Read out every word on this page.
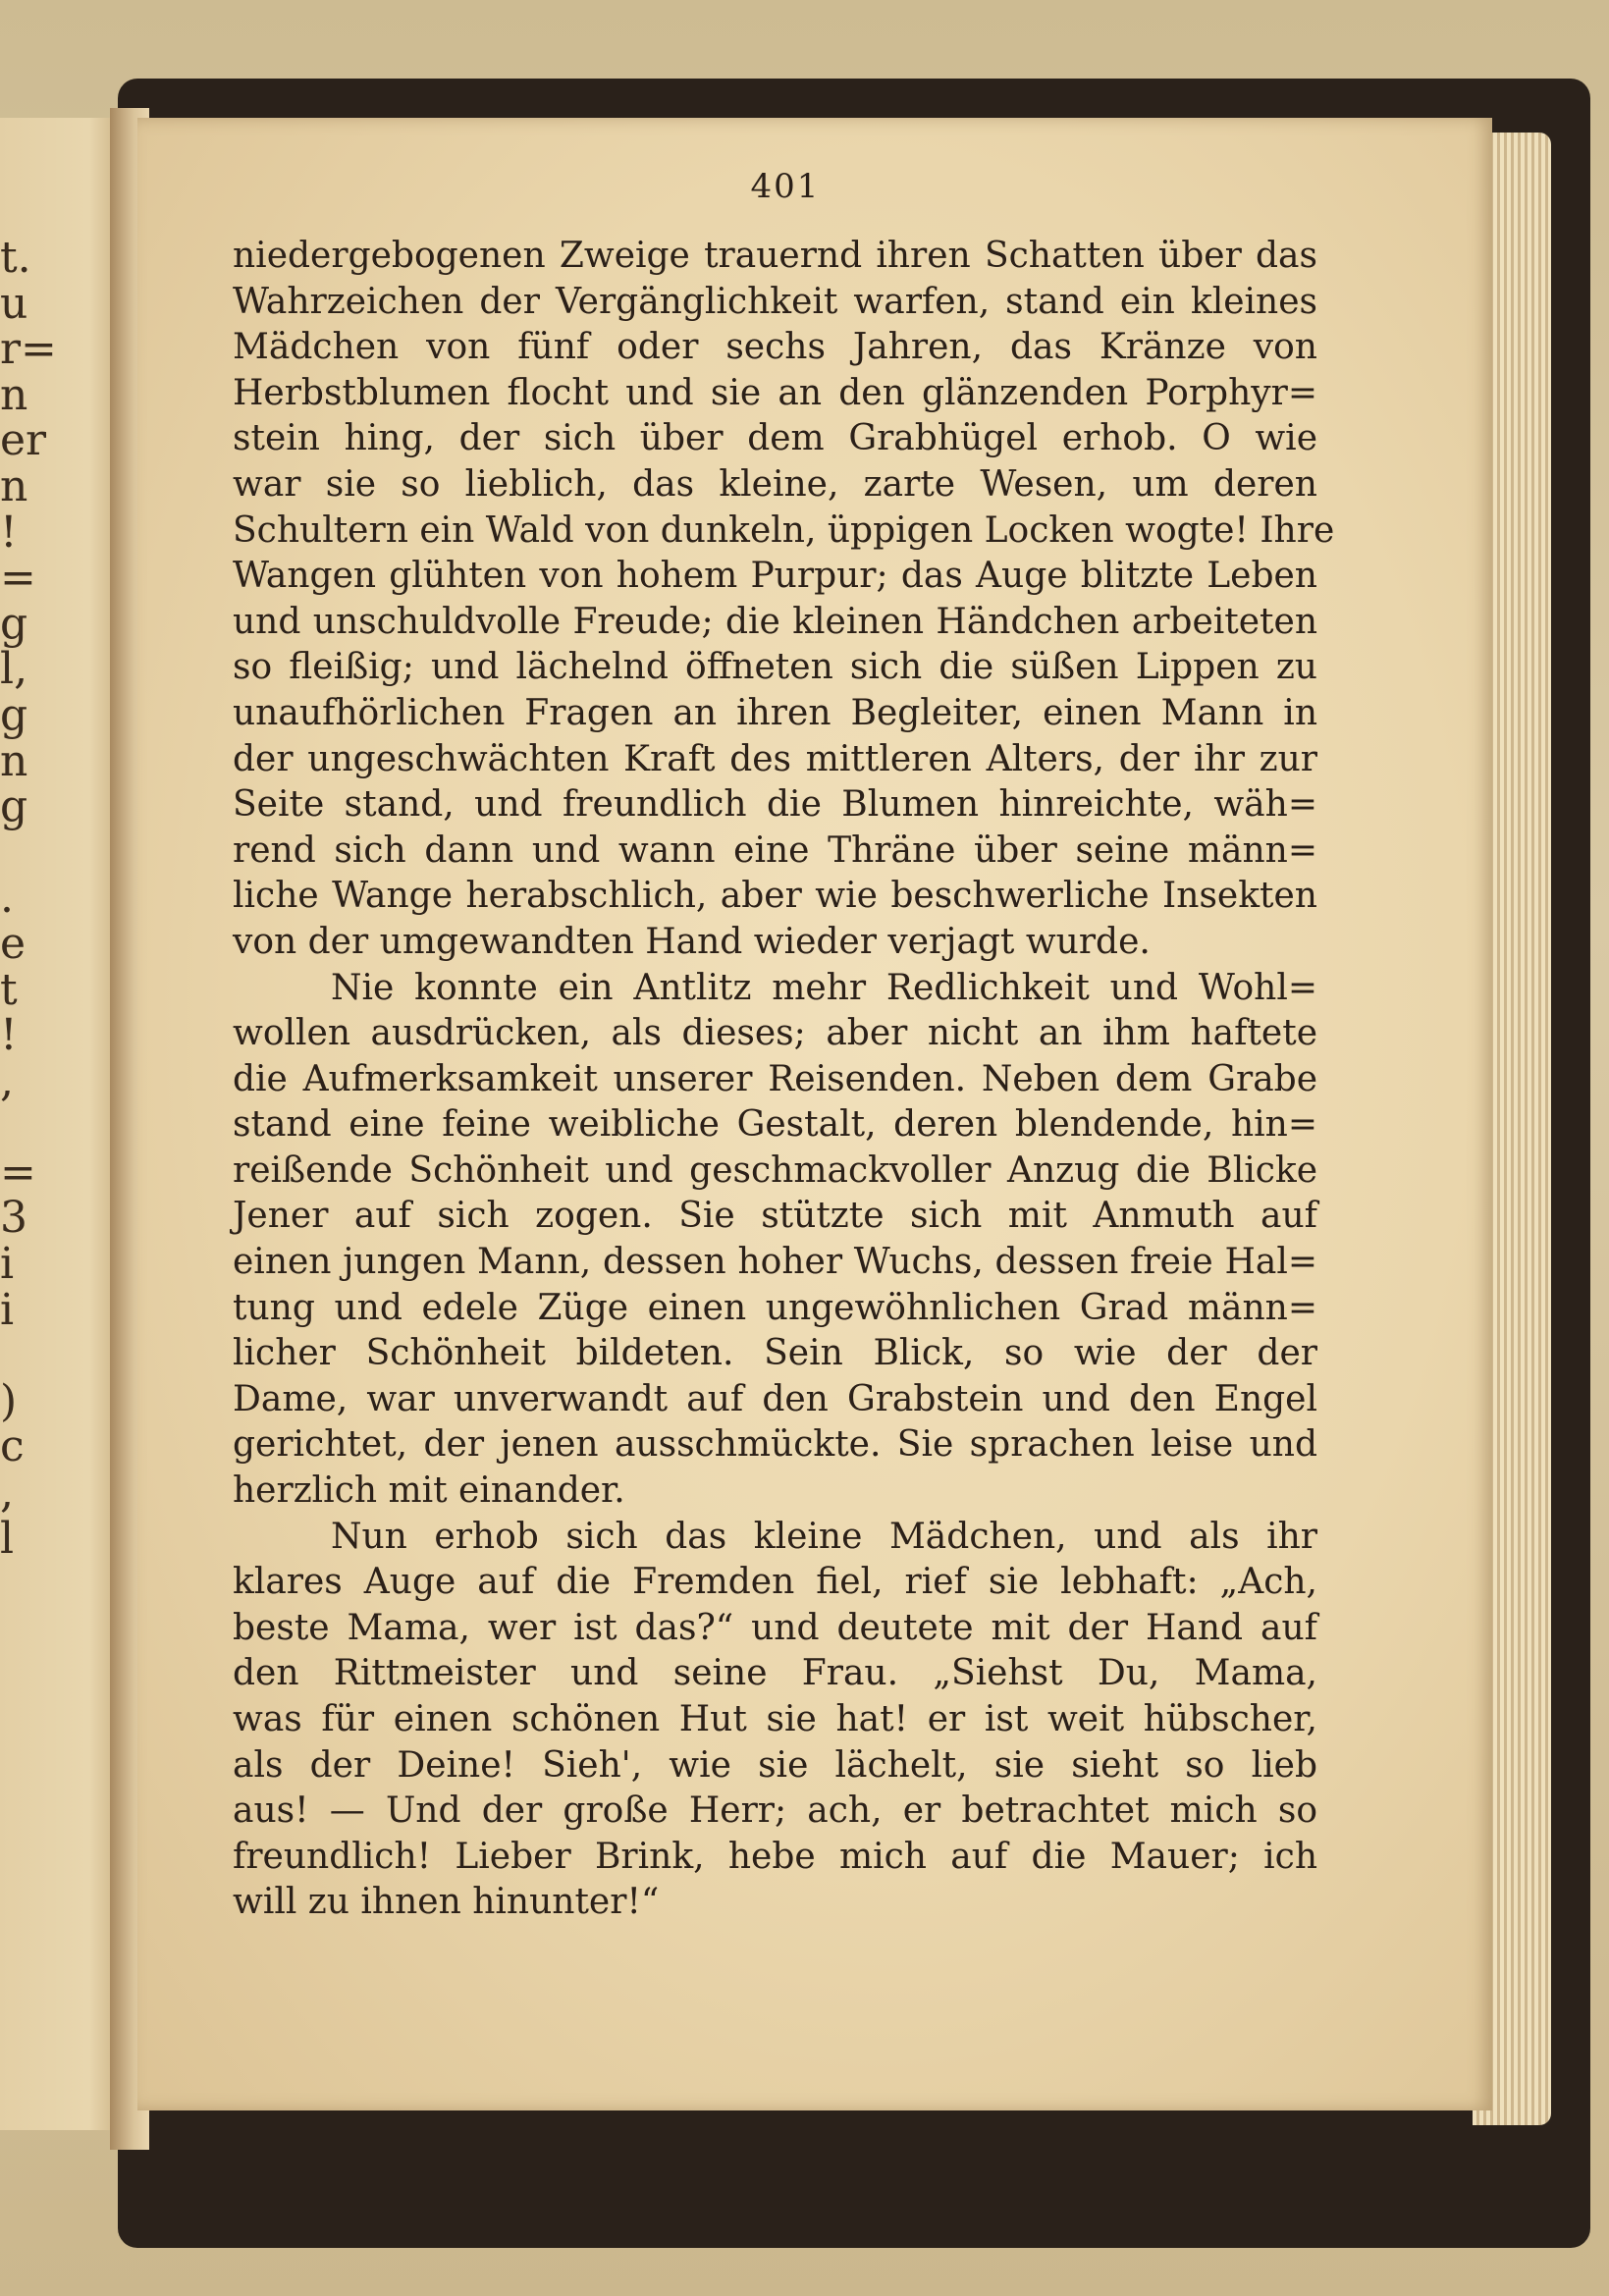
t.
u
r=
n
er
n
!
=
g
l,
g
n
g
.
e
t
!
,
=
3
i
i
)
c
,
l
401
niedergebogenen Zweige trauernd ihren Schatten über das
Wahrzeichen der Vergänglichkeit warfen, stand ein kleines
Mädchen von fünf oder sechs Jahren, das Kränze von
Herbstblumen flocht und sie an den glänzenden Porphyr=
stein hing, der sich über dem Grabhügel erhob. O wie
war sie so lieblich, das kleine, zarte Wesen, um deren
Schultern ein Wald von dunkeln, üppigen Locken wogte! Ihre
Wangen glühten von hohem Purpur; das Auge blitzte Leben
und unschuldvolle Freude; die kleinen Händchen arbeiteten
so fleißig; und lächelnd öffneten sich die süßen Lippen zu
unaufhörlichen Fragen an ihren Begleiter, einen Mann in
der ungeschwächten Kraft des mittleren Alters, der ihr zur
Seite stand, und freundlich die Blumen hinreichte, wäh=
rend sich dann und wann eine Thräne über seine männ=
liche Wange herabschlich, aber wie beschwerliche Insekten
von der umgewandten Hand wieder verjagt wurde.
Nie konnte ein Antlitz mehr Redlichkeit und Wohl=
wollen ausdrücken, als dieses; aber nicht an ihm haftete
die Aufmerksamkeit unserer Reisenden. Neben dem Grabe
stand eine feine weibliche Gestalt, deren blendende, hin=
reißende Schönheit und geschmackvoller Anzug die Blicke
Jener auf sich zogen. Sie stützte sich mit Anmuth auf
einen jungen Mann, dessen hoher Wuchs, dessen freie Hal=
tung und edele Züge einen ungewöhnlichen Grad männ=
licher Schönheit bildeten. Sein Blick, so wie der der
Dame, war unverwandt auf den Grabstein und den Engel
gerichtet, der jenen ausschmückte. Sie sprachen leise und
herzlich mit einander.
Nun erhob sich das kleine Mädchen, und als ihr
klares Auge auf die Fremden fiel, rief sie lebhaft: „Ach,
beste Mama, wer ist das?“ und deutete mit der Hand auf
den Rittmeister und seine Frau. „Siehst Du, Mama,
was für einen schönen Hut sie hat! er ist weit hübscher,
als der Deine! Sieh', wie sie lächelt, sie sieht so lieb
aus! — Und der große Herr; ach, er betrachtet mich so
freundlich! Lieber Brink, hebe mich auf die Mauer; ich
will zu ihnen hinunter!“
